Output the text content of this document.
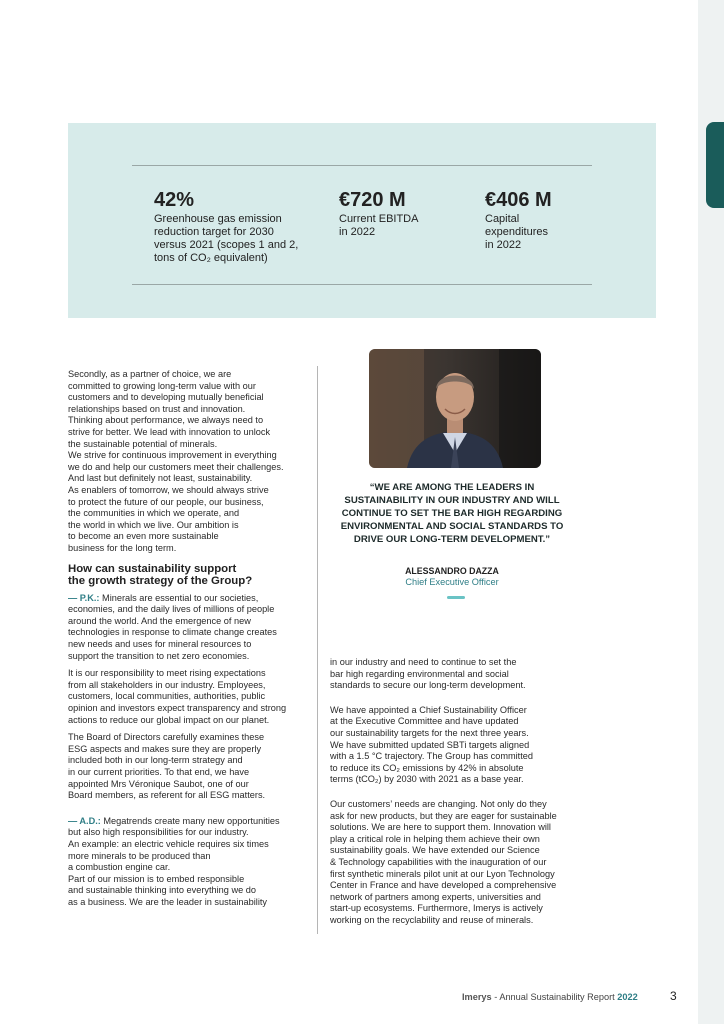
42%
Greenhouse gas emission
reduction target for 2030
versus 2021 (scopes 1 and 2,
tons of CO₂ equivalent)
€720 M
Current EBITDA
in 2022
€406 M
Capital
expenditures
in 2022

Secondly, as a partner of choice, we are
committed to growing long-term value with our
customers and to developing mutually beneficial
relationships based on trust and innovation.
Thinking about performance, we always need to
strive for better. We lead with innovation to unlock
the sustainable potential of minerals.
We strive for continuous improvement in everything
we do and help our customers meet their challenges.
And last but definitely not least, sustainability.
As enablers of tomorrow, we should always strive
to protect the future of our people, our business,
the communities in which we operate, and
the world in which we live. Our ambition is
to become an even more sustainable
business for the long term.

How can sustainability support
the growth strategy of the Group?

— P.K.: Minerals are essential to our societies,
economies, and the daily lives of millions of people
around the world. And the emergence of new
technologies in response to climate change creates
new needs and uses for mineral resources to
support the transition to net zero economies.

It is our responsibility to meet rising expectations
from all stakeholders in our industry. Employees,
customers, local communities, authorities, public
opinion and investors expect transparency and strong
actions to reduce our global impact on our planet.

The Board of Directors carefully examines these
ESG aspects and makes sure they are properly
included both in our long-term strategy and
in our current priorities. To that end, we have
appointed Mrs Véronique Saubot, one of our
Board members, as referent for all ESG matters.

— A.D.: Megatrends create many new opportunities
but also high responsibilities for our industry.
An example: an electric vehicle requires six times
more minerals to be produced than
a combustion engine car.
Part of our mission is to embed responsible
and sustainable thinking into everything we do
as a business. We are the leader in sustainability

“WE ARE AMONG THE LEADERS IN SUSTAINABILITY IN OUR INDUSTRY AND WILL CONTINUE TO SET THE BAR HIGH REGARDING ENVIRONMENTAL AND SOCIAL STANDARDS TO DRIVE OUR LONG-TERM DEVELOPMENT.”
ALESSANDRO DAZZA
Chief Executive Officer

in our industry and need to continue to set the
bar high regarding environmental and social
standards to secure our long-term development.

We have appointed a Chief Sustainability Officer
at the Executive Committee and have updated
our sustainability targets for the next three years.
We have submitted updated SBTi targets aligned
with a 1.5 °C trajectory. The Group has committed
to reduce its CO₂ emissions by 42% in absolute
terms (tCO₂) by 2030 with 2021 as a base year.

Our customers’ needs are changing. Not only do they
ask for new products, but they are eager for sustainable
solutions. We are here to support them. Innovation will
play a critical role in helping them achieve their own
sustainability goals. We have extended our Science
& Technology capabilities with the inauguration of our
first synthetic minerals pilot unit at our Lyon Technology
Center in France and have developed a comprehensive
network of partners among experts, universities and
start-up ecosystems. Furthermore, Imerys is actively
working on the recyclability and reuse of minerals.

Imerys - Annual Sustainability Report 2022	3
